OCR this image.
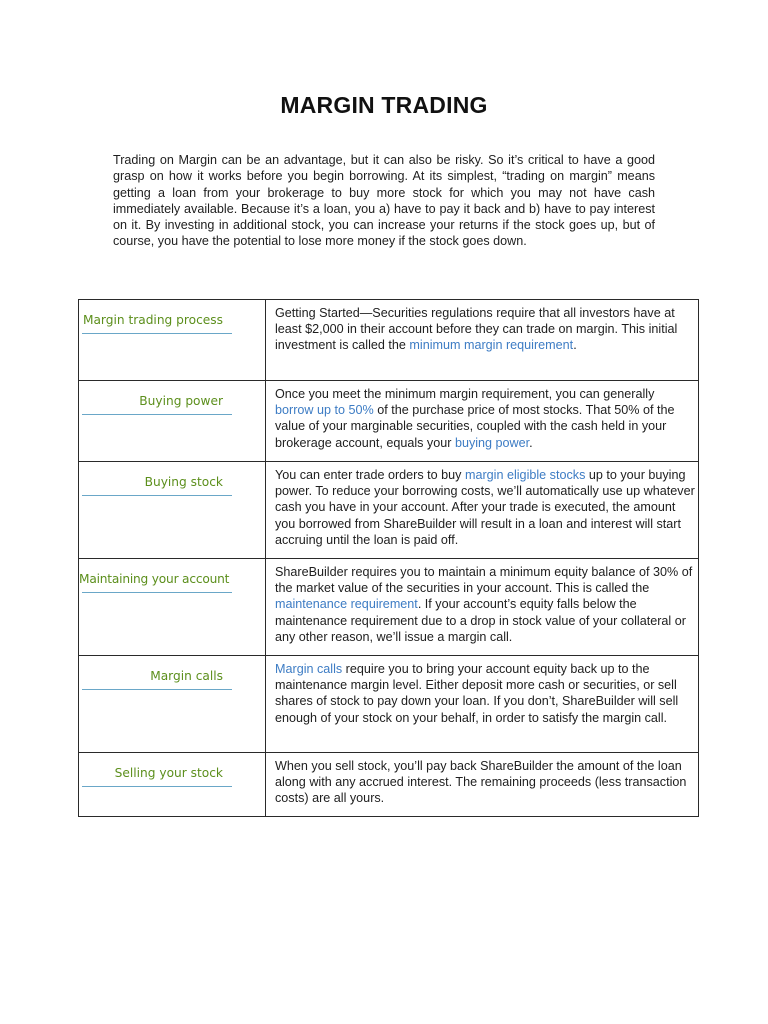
MARGIN TRADING

Trading on Margin can be an advantage, but it can also be risky. So it’s critical to have a good grasp on how it works before you begin borrowing. At its simplest, “trading on margin” means getting a loan from your brokerage to buy more stock for which you may not have cash immediately available. Because it’s a loan, you a) have to pay it back and b) have to pay interest on it. By investing in additional stock, you can increase your returns if the stock goes up, but of course, you have the potential to lose more money if the stock goes down.

Margin trading process	Getting Started—Securities regulations require that all investors have at least $2,000 in their account before they can trade on margin. This initial investment is called the minimum margin requirement.

Buying power	Once you meet the minimum margin requirement, you can generally borrow up to 50% of the purchase price of most stocks. That 50% of the value of your marginable securities, coupled with the cash held in your brokerage account, equals your buying power.

Buying stock	You can enter trade orders to buy margin eligible stocks up to your buying power. To reduce your borrowing costs, we’ll automatically use up whatever cash you have in your account. After your trade is executed, the amount you borrowed from ShareBuilder will result in a loan and interest will start accruing until the loan is paid off.

Maintaining your account	ShareBuilder requires you to maintain a minimum equity balance of 30% of the market value of the securities in your account. This is called the maintenance requirement. If your account’s equity falls below the maintenance requirement due to a drop in stock value of your collateral or any other reason, we’ll issue a margin call.

Margin calls	Margin calls require you to bring your account equity back up to the maintenance margin level. Either deposit more cash or securities, or sell shares of stock to pay down your loan. If you don’t, ShareBuilder will sell enough of your stock on your behalf, in order to satisfy the margin call.

Selling your stock	When you sell stock, you’ll pay back ShareBuilder the amount of the loan along with any accrued interest. The remaining proceeds (less transaction costs) are all yours.
